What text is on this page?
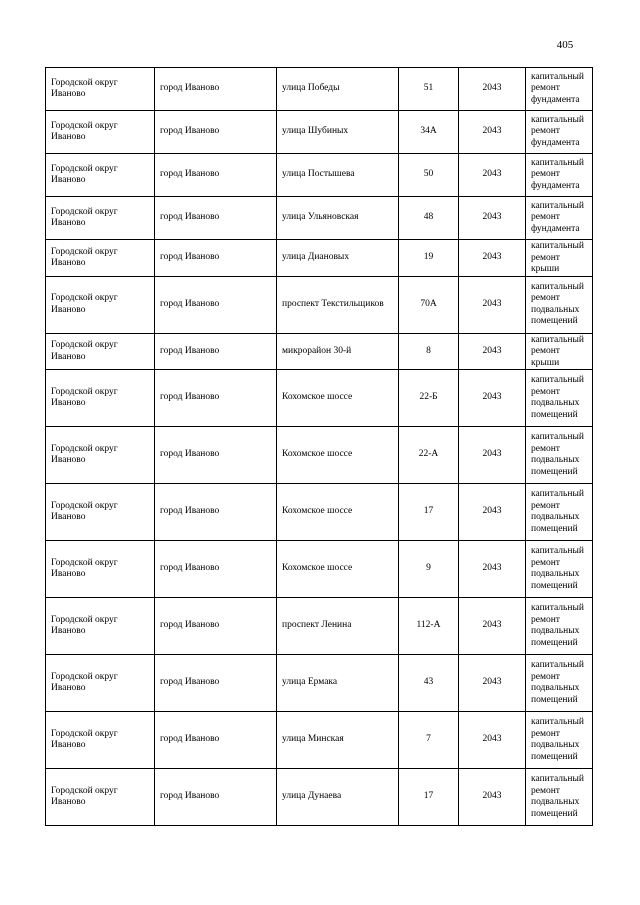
405
Городской округ Иваново	город Иваново	улица Победы	51	2043	капитальный ремонт фундамента
Городской округ Иваново	город Иваново	улица Шубиных	34А	2043	капитальный ремонт фундамента
Городской округ Иваново	город Иваново	улица Постышева	50	2043	капитальный ремонт фундамента
Городской округ Иваново	город Иваново	улица Ульяновская	48	2043	капитальный ремонт фундамента
Городской округ Иваново	город Иваново	улица Диановых	19	2043	капитальный ремонт крыши
Городской округ Иваново	город Иваново	проспект Текстильщиков	70А	2043	капитальный ремонт подвальных помещений
Городской округ Иваново	город Иваново	микрорайон 30-й	8	2043	капитальный ремонт крыши
Городской округ Иваново	город Иваново	Кохомское шоссе	22-Б	2043	капитальный ремонт подвальных помещений
Городской округ Иваново	город Иваново	Кохомское шоссе	22-А	2043	капитальный ремонт подвальных помещений
Городской округ Иваново	город Иваново	Кохомское шоссе	17	2043	капитальный ремонт подвальных помещений
Городской округ Иваново	город Иваново	Кохомское шоссе	9	2043	капитальный ремонт подвальных помещений
Городской округ Иваново	город Иваново	проспект Ленина	112-А	2043	капитальный ремонт подвальных помещений
Городской округ Иваново	город Иваново	улица Ермака	43	2043	капитальный ремонт подвальных помещений
Городской округ Иваново	город Иваново	улица Минская	7	2043	капитальный ремонт подвальных помещений
Городской округ Иваново	город Иваново	улица Дунаева	17	2043	капитальный ремонт подвальных помещений
